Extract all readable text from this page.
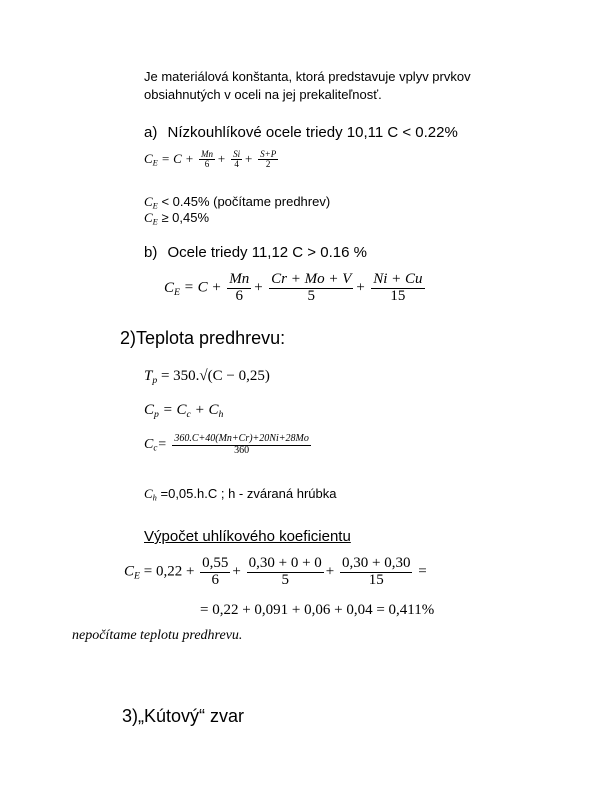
Je materiálová konštanta, ktorá predstavuje vplyv prvkov
obsiahnutých v oceli na jej prekaliteľnosť.
a) Nízkouhlíkové ocele triedy 10,11 C < 0.22%
CE = $C + \frac{Mn}{6} + \frac{Si}{4} + \frac{S+P}{2}$
CE < 0.45% (počítame predhrev)
CE ≥ 0,45%
b) Ocele triedy 11,12 C > 0.16 %
CE = $C + \frac{Mn}{6} + \frac{Cr + Mo + V}{5} + \frac{Ni + Cu}{15}$
2)Teplota predhrevu:
Tp = 350.√(C − 0,25)
Cp = Cc + Ch
$Cc= \frac{360.C+40(Mn+Cr)+20Ni+28Mo}{360}$
Ch =0,05.h.C ; h - zváraná hrúbka
Výpočet uhlíkového koeficientu
CE = $0,22 + \frac{0,55}{6} + \frac{0,30 + 0 + 0}{5} + \frac{0,30 + 0,30}{15}$ =
= 0,22 + 0,091 + 0,06 + 0,04 = 0,411%
nepočítame teplotu predhrevu.
3)„Kútový“ zvar
